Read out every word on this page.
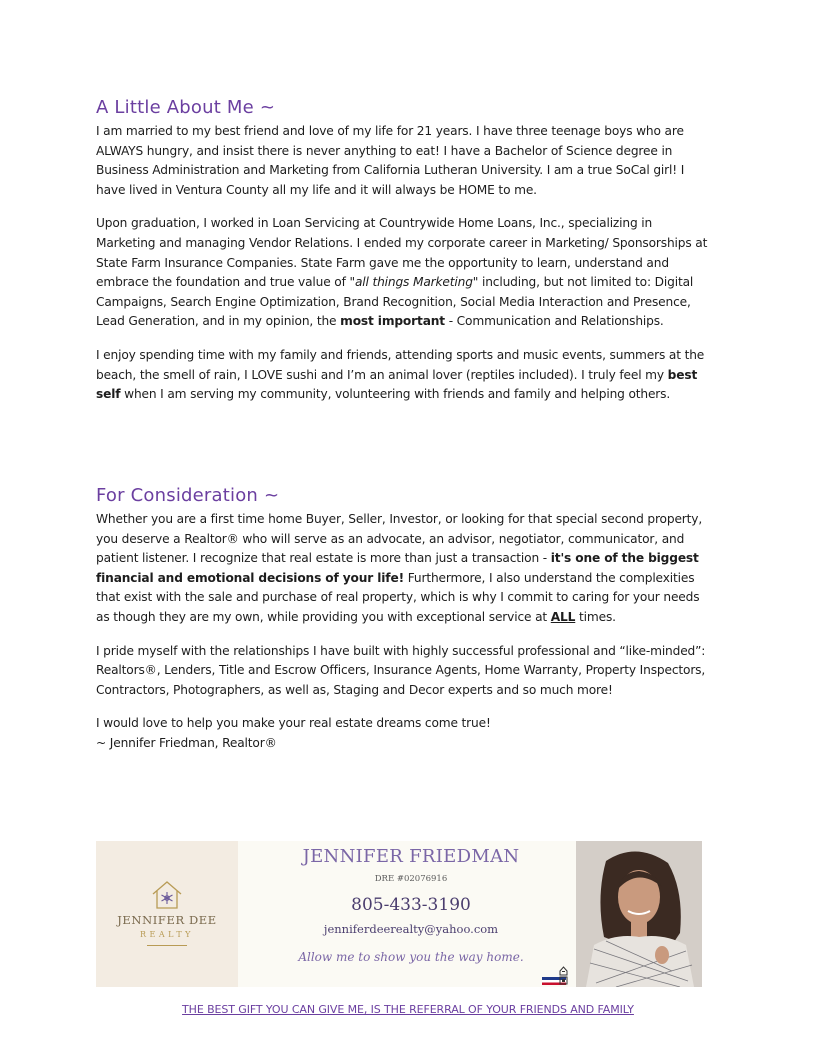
A Little About Me ~

I am married to my best friend and love of my life for 21 years. I have three teenage boys who are ALWAYS hungry, and insist there is never anything to eat! I have a Bachelor of Science degree in Business Administration and Marketing from California Lutheran University. I am a true SoCal girl! I have lived in Ventura County all my life and it will always be HOME to me.

Upon graduation, I worked in Loan Servicing at Countrywide Home Loans, Inc., specializing in Marketing and managing Vendor Relations. I ended my corporate career in Marketing/ Sponsorships at State Farm Insurance Companies. State Farm gave me the opportunity to learn, understand and embrace the foundation and true value of "all things Marketing" including, but not limited to: Digital Campaigns, Search Engine Optimization, Brand Recognition, Social Media Interaction and Presence, Lead Generation, and in my opinion, the most important - Communication and Relationships.

I enjoy spending time with my family and friends, attending sports and music events, summers at the beach, the smell of rain, I LOVE sushi and I’m an animal lover (reptiles included). I truly feel my best self when I am serving my community, volunteering with friends and family and helping others.

For Consideration ~

Whether you are a first time home Buyer, Seller, Investor, or looking for that special second property, you deserve a Realtor® who will serve as an advocate, an advisor, negotiator, communicator, and patient listener. I recognize that real estate is more than just a transaction - it's one of the biggest financial and emotional decisions of your life! Furthermore, I also understand the complexities that exist with the sale and purchase of real property, which is why I commit to caring for your needs as though they are my own, while providing you with exceptional service at ALL times.

I pride myself with the relationships I have built with highly successful professional and “like-minded”: Realtors®, Lenders, Title and Escrow Officers, Insurance Agents, Home Warranty, Property Inspectors, Contractors, Photographers, as well as, Staging and Decor experts and so much more!

I would love to help you make your real estate dreams come true!

~ Jennifer Friedman, Realtor®

JENNIFER DEE
REALTY
JENNIFER FRIEDMAN
DRE #02076916
805-433-3190
jenniferdeerealty@yahoo.com
Allow me to show you the way home.
THE BEST GIFT YOU CAN GIVE ME, IS THE REFERRAL OF YOUR FRIENDS AND FAMILY
